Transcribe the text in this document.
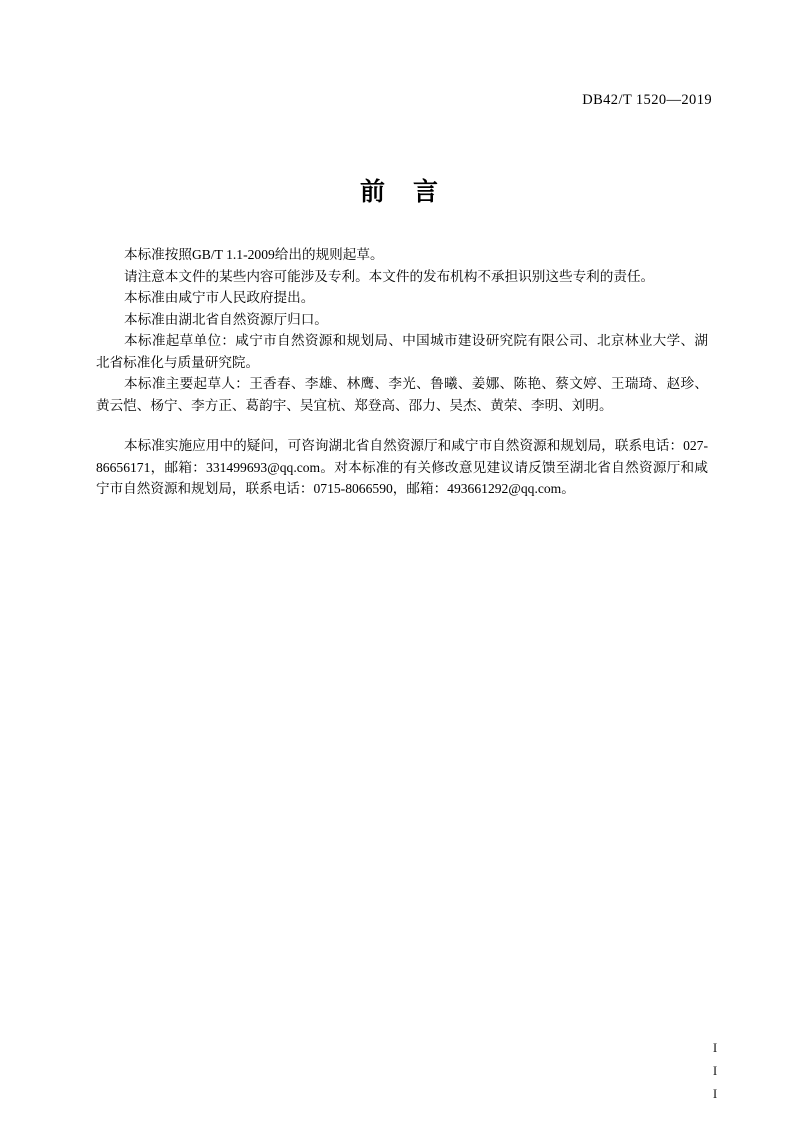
DB42/T 1520—2019
前 言

本标准按照GB/T 1.1-2009给出的规则起草。

请注意本文件的某些内容可能涉及专利。本文件的发布机构不承担识别这些专利的责任。

本标准由咸宁市人民政府提出。

本标准由湖北省自然资源厅归口。

本标准起草单位：咸宁市自然资源和规划局、中国城市建设研究院有限公司、北京林业大学、湖北省标准化与质量研究院。

本标准主要起草人：王香春、李雄、林鹰、李光、鲁曦、姜娜、陈艳、蔡文婷、王瑞琦、赵珍、黄云恺、杨宁、李方正、葛韵宇、吴宜杭、郑登高、邵力、吴杰、黄荣、李明、刘明。

本标准实施应用中的疑问，可咨询湖北省自然资源厅和咸宁市自然资源和规划局，联系电话：027-86656171，邮箱：331499693@qq.com。对本标准的有关修改意见建议请反馈至湖北省自然资源厅和咸宁市自然资源和规划局，联系电话：0715-8066590，邮箱：493661292@qq.com。

I
I
I
